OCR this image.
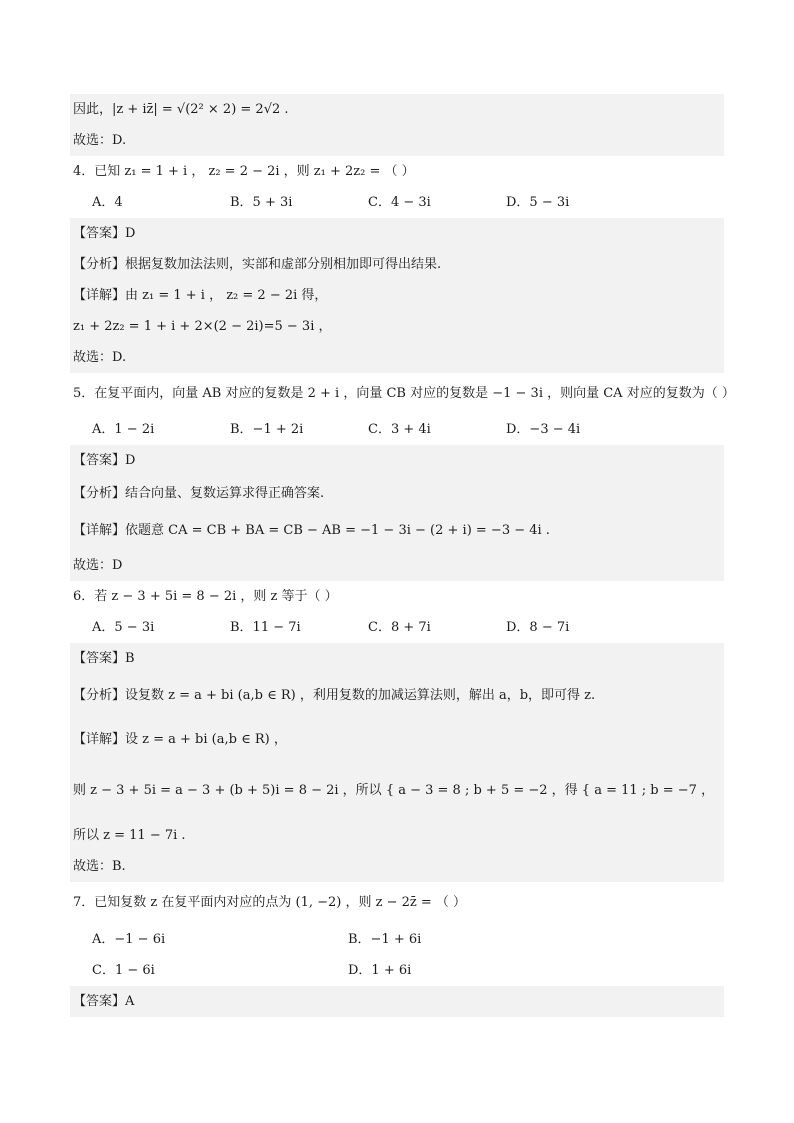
因此，|z + iz̄| = √(2² × 2) = 2√2 .
故选：D.
4．已知 z₁ = 1 + i ， z₂ = 2 − 2i ，则 z₁ + 2z₂ = （ ）
A．4	B．5 + 3i	C．4 − 3i	D．5 − 3i
【答案】D
【分析】根据复数加法法则，实部和虚部分别相加即可得出结果.
【详解】由 z₁ = 1 + i ， z₂ = 2 − 2i 得，
z₁ + 2z₂ = 1 + i + 2×(2 − 2i)=5 − 3i ，
故选：D.
5．在复平面内，向量 AB 对应的复数是 2 + i ，向量 CB 对应的复数是 −1 − 3i ，则向量 CA 对应的复数为（ ）
A．1 − 2i	B．−1 + 2i	C．3 + 4i	D．−3 − 4i
【答案】D
【分析】结合向量、复数运算求得正确答案.
【详解】依题意 CA = CB + BA = CB − AB = −1 − 3i − (2 + i) = −3 − 4i .
故选：D
6．若 z − 3 + 5i = 8 − 2i ，则 z 等于（ ）
A．5 − 3i	B．11 − 7i	C．8 + 7i	D．8 − 7i
【答案】B
【分析】设复数 z = a + bi (a,b ∈ R) ，利用复数的加减运算法则，解出 a，b，即可得 z.
【详解】设 z = a + bi (a,b ∈ R) ，
则 z − 3 + 5i = a − 3 + (b + 5)i = 8 − 2i ，所以 { a − 3 = 8 ; b + 5 = −2 ，得 { a = 11 ; b = −7 ，
所以 z = 11 − 7i .
故选：B.
7．已知复数 z 在复平面内对应的点为 (1, −2) ，则 z − 2z̄ = （ ）
A．−1 − 6i	B．−1 + 6i
C．1 − 6i	D．1 + 6i
【答案】A
